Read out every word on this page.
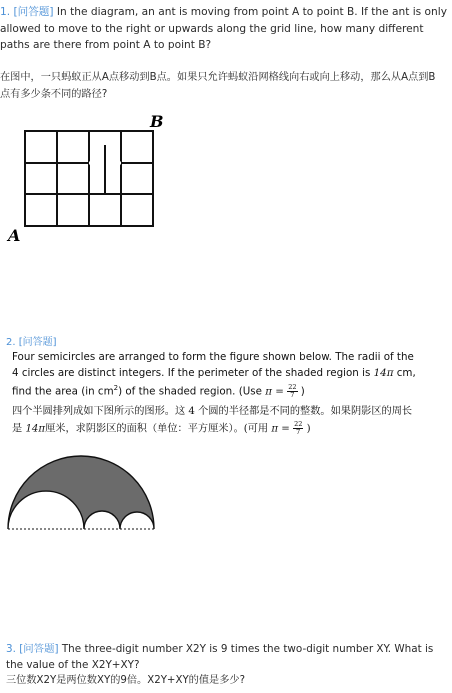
1. [问答题] In the diagram, an ant is moving from point A to point B. If the ant is only allowed to move to the right or upwards along the grid line, how many different paths are there from point A to point B?
在图中，一只蚂蚁正从A点移动到B点。如果只允许蚂蚁沿网格线向右或向上移动，那么从A点到B点有多少条不同的路径?
B
A
2. [问答题]
Four semicircles are arranged to form the figure shown below. The radii of the 4 circles are distinct integers. If the perimeter of the shaded region is 14π cm, find the area (in $cm^2$) of the shaded region. (Use $\pi = \frac{22}{7}$ )
四个半圆排列成如下图所示的图形。这 4 个圆的半径都是不同的整数。如果阴影区的周长是 14π厘米，求阴影区的面积（单位：平方厘米）。(可用 $\pi = \frac{22}{7}$ )
3. [问答题] The three-digit number X2Y is 9 times the two-digit number XY. What is the value of the X2Y+XY?
三位数X2Y是两位数XY的9倍。X2Y+XY的值是多少?
